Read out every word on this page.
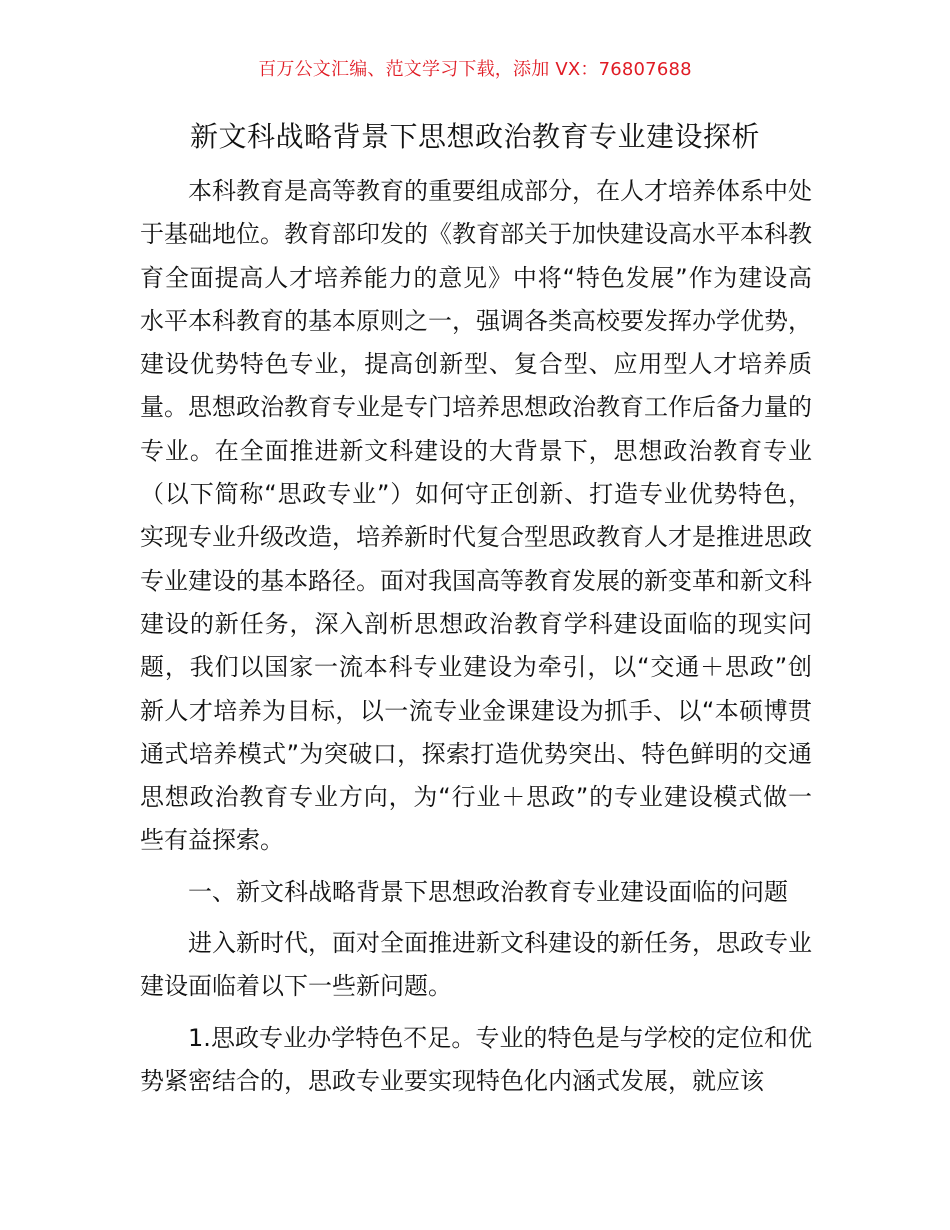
百万公文汇编、范文学习下载，添加 VX：76807688
新文科战略背景下思想政治教育专业建设探析

本科教育是高等教育的重要组成部分，在人才培养体系中处于基础地位。教育部印发的《教育部关于加快建设高水平本科教育全面提高人才培养能力的意见》中将“特色发展”作为建设高水平本科教育的基本原则之一，强调各类高校要发挥办学优势，建设优势特色专业，提高创新型、复合型、应用型人才培养质量。思想政治教育专业是专门培养思想政治教育工作后备力量的专业。在全面推进新文科建设的大背景下，思想政治教育专业（以下简称“思政专业”）如何守正创新、打造专业优势特色，实现专业升级改造，培养新时代复合型思政教育人才是推进思政专业建设的基本路径。面对我国高等教育发展的新变革和新文科建设的新任务，深入剖析思想政治教育学科建设面临的现实问题，我们以国家一流本科专业建设为牵引，以“交通＋思政”创新人才培养为目标，以一流专业金课建设为抓手、以“本硕博贯通式培养模式”为突破口，探索打造优势突出、特色鲜明的交通思想政治教育专业方向，为“行业＋思政”的专业建设模式做一些有益探索。

一、新文科战略背景下思想政治教育专业建设面临的问题

进入新时代，面对全面推进新文科建设的新任务，思政专业建设面临着以下一些新问题。

1.思政专业办学特色不足。专业的特色是与学校的定位和优势紧密结合的，思政专业要实现特色化内涵式发展，就应该
